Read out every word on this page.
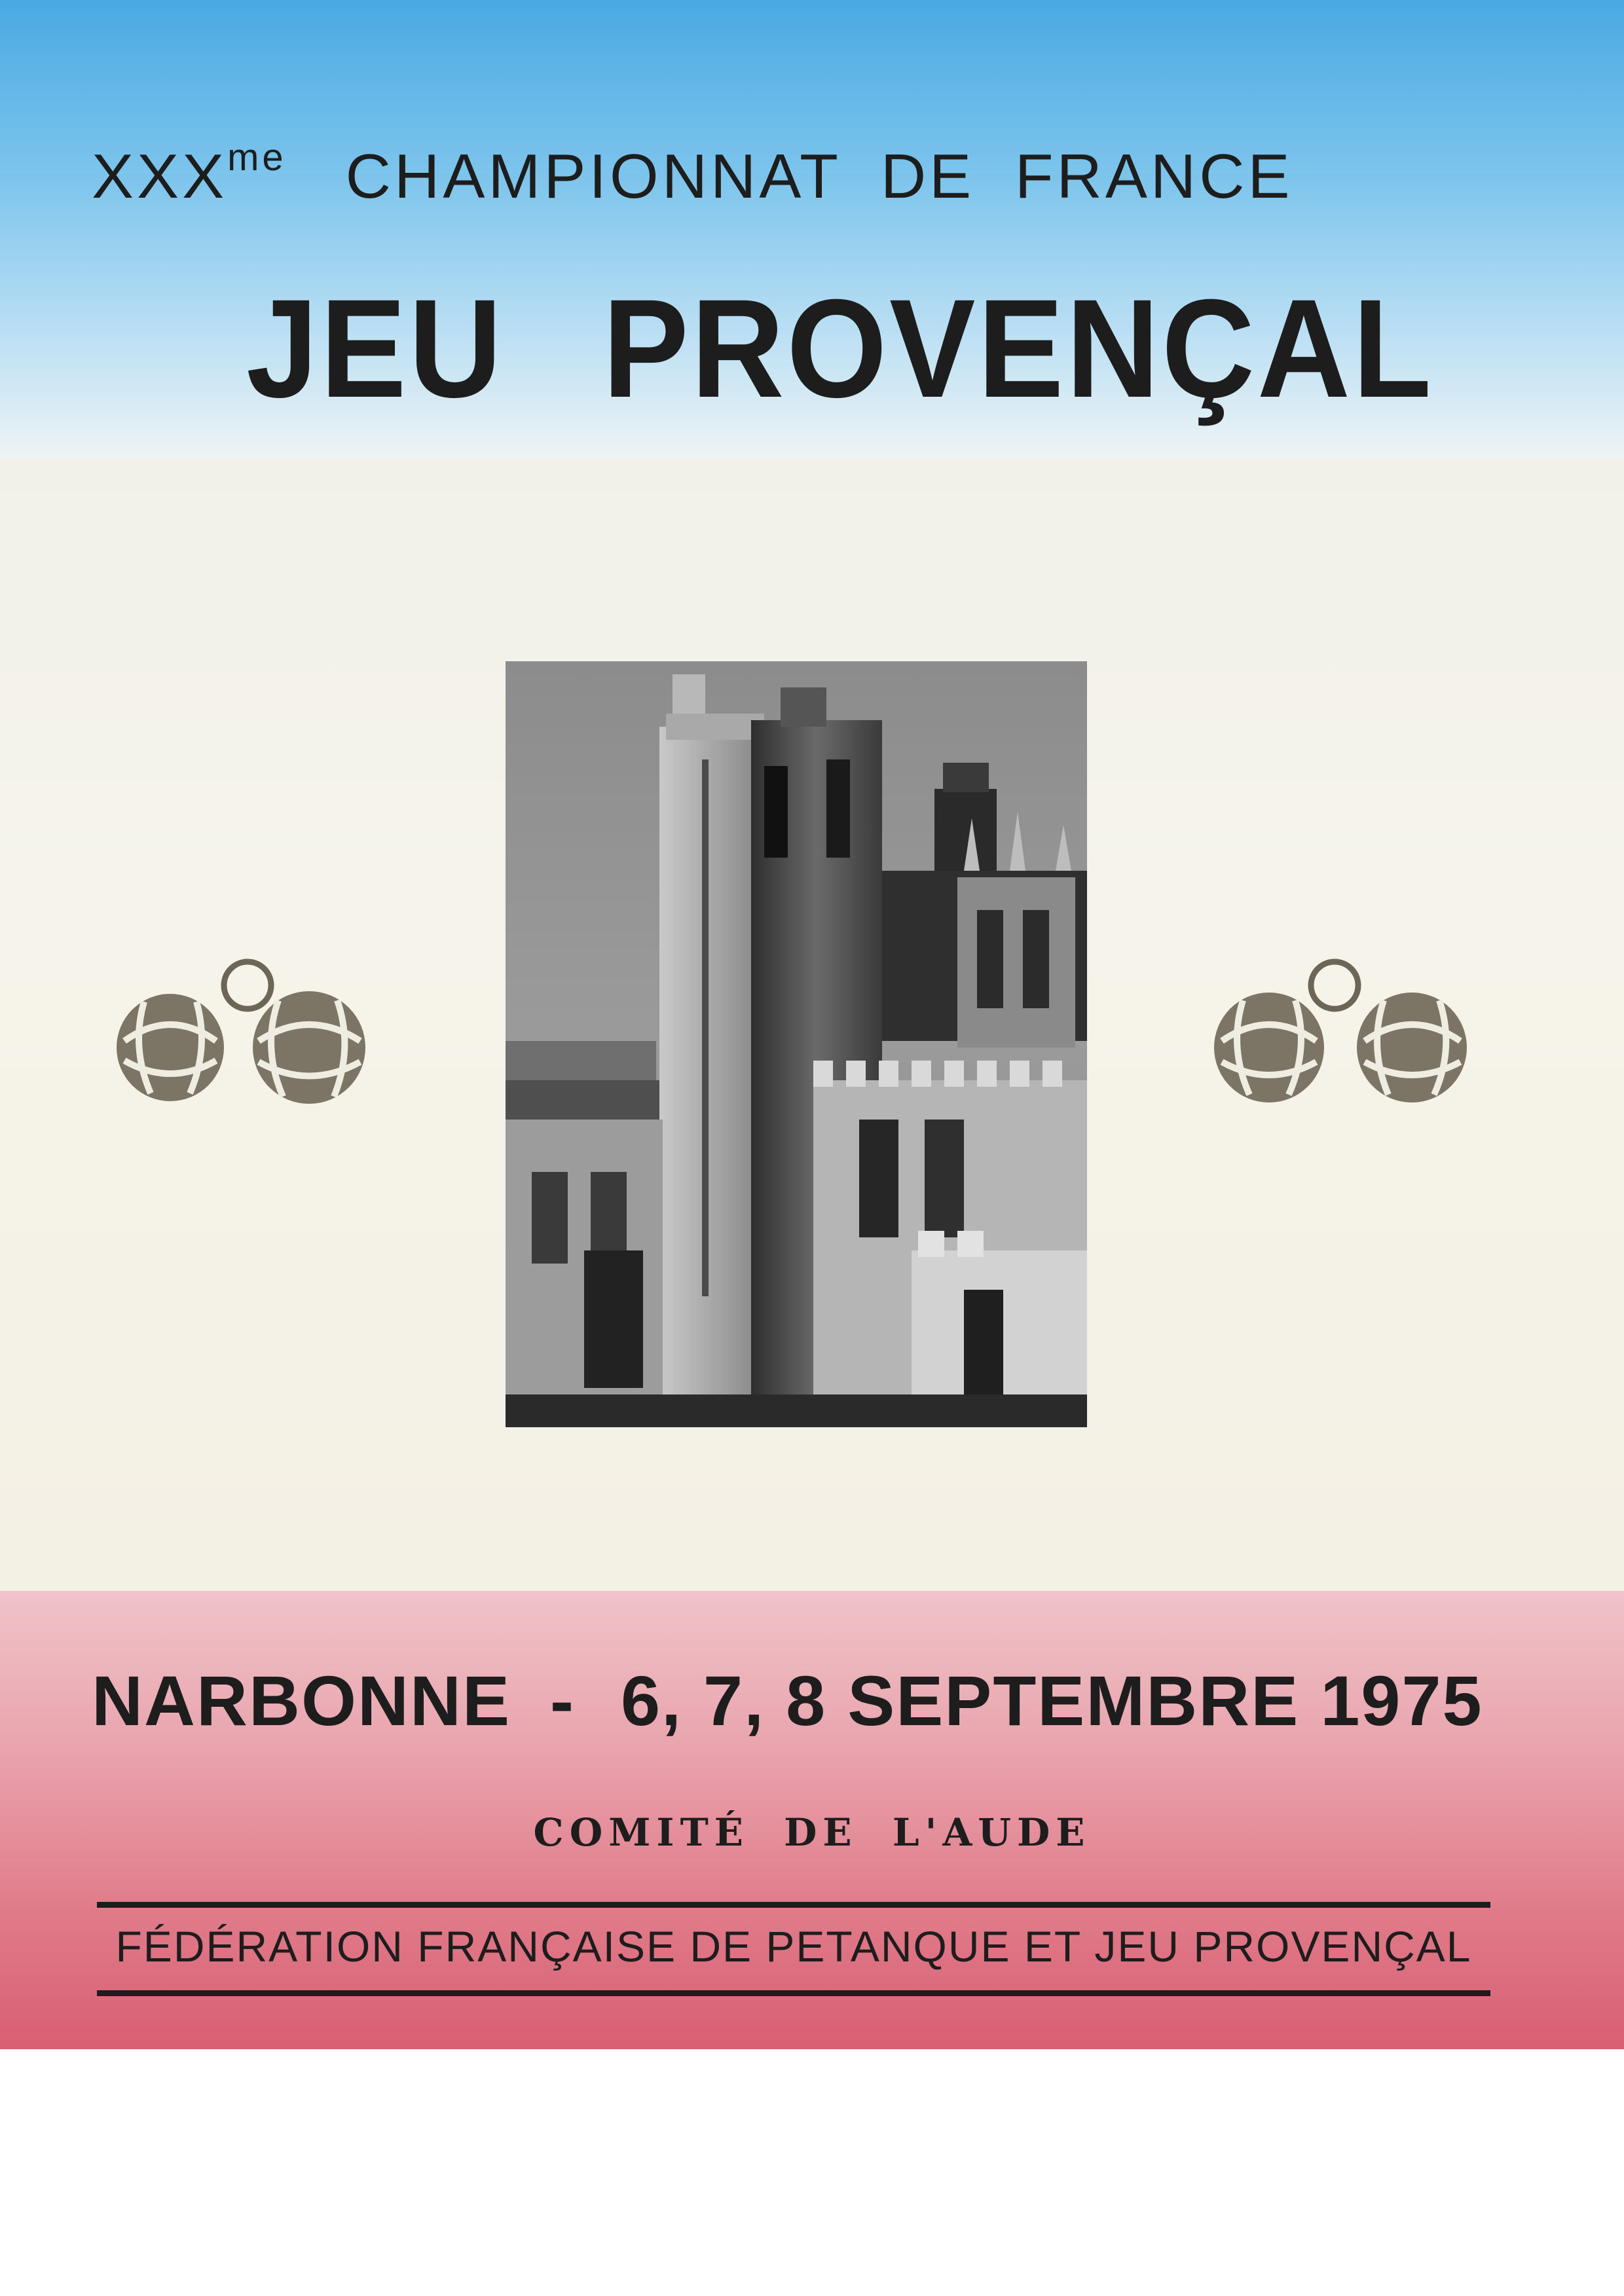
$XXX^{me}$ CHAMPIONNAT DE FRANCE
JEU PROVENÇAL
NARBONNE - 6, 7, 8 SEPTEMBRE 1975
COMITÉ DE L'AUDE
FÉDÉRATION FRANÇAISE DE PETANQUE ET JEU PROVENÇAL
